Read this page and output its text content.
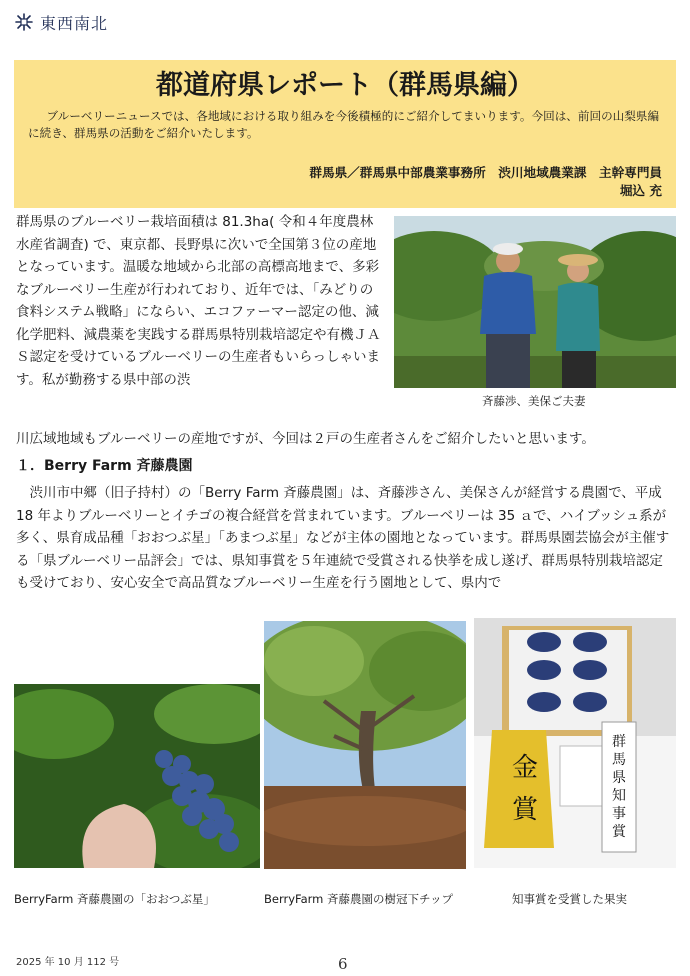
東西南北
都道府県レポート（群馬県編）

ブルーベリーニュースでは、各地域における取り組みを今後積極的にご紹介してまいります。今回は、前回の山梨県編に続き、群馬県の活動をご紹介いたします。

群馬県／群馬県中部農業事務所　渋川地域農業課　主幹専門員
堀込 充
群馬県のブルーベリー栽培面積は 81.3ha( 令和４年度農林水産省調査) で、東京都、長野県に次いで全国第３位の産地となっています。温暖な地域から北部の高標高地まで、多彩なブルーベリー生産が行われており、近年では、「みどりの食料システム戦略」にならい、エコファーマー認定の他、減化学肥料、減農薬を実践する群馬県特別栽培認定や有機ＪＡＳ認定を受けているブルーベリーの生産者もいらっしゃいます。私が勤務する県中部の渋
斉藤渉、美保ご夫妻
川広域地域もブルーベリーの産地ですが、今回は２戸の生産者さんをご紹介したいと思います。
１．Berry Farm 斉藤農園

渋川市中郷（旧子持村）の「Berry Farm 斉藤農園」は、斉藤渉さん、美保さんが経営する農園で、平成 18 年よりブルーベリーとイチゴの複合経営を営まれています。ブルーベリーは 35 ａで、ハイブッシュ系が多く、県育成品種「おおつぶ星」「あまつぶ星」などが主体の園地となっています。群馬県園芸協会が主催する「県ブルーベリー品評会」では、県知事賞を５年連続で受賞される快挙を成し遂げ、群馬県特別栽培認定も受けており、安心安全で高品質なブルーベリー生産を行う園地として、県内で

BerryFarm 斉藤農園の「おおつぶ星」	BerryFarm 斉藤農園の樹冠下チップ
金
賞
群
馬
県
知
事
賞
知事賞を受賞した果実
2025 年 10 月 112 号	6
